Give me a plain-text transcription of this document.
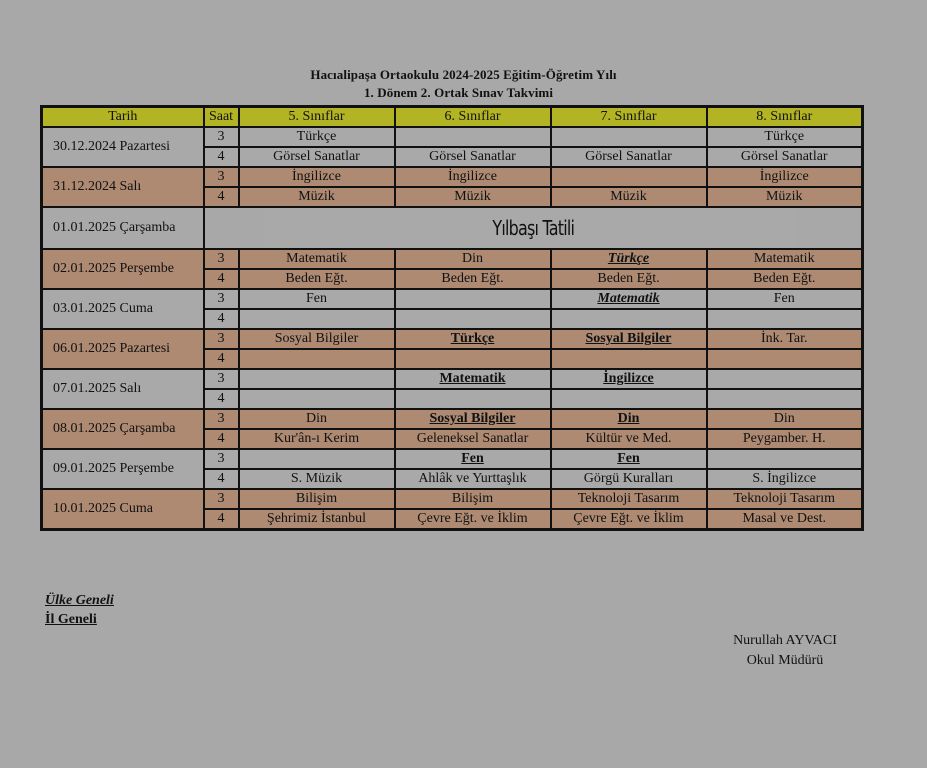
Hacıalipaşa Ortaokulu 2024-2025 Eğitim-Öğretim Yılı

1. Dönem 2. Ortak Sınav Takvimi
Tarih	Saat	5. Sınıflar	6. Sınıflar	7. Sınıflar	8. Sınıflar
30.12.2024 Pazartesi	3	Türkçe			Türkçe
	4	Görsel Sanatlar	Görsel Sanatlar	Görsel Sanatlar	Görsel Sanatlar
31.12.2024 Salı	3	İngilizce	İngilizce		İngilizce
	4	Müzik	Müzik	Müzik	Müzik
01.01.2025 Çarşamba	Yılbaşı Tatili				
02.01.2025 Perşembe	3	Matematik	Din	Türkçe	Matematik
	4	Beden Eğt.	Beden Eğt.	Beden Eğt.	Beden Eğt.
03.01.2025 Cuma	3	Fen		Matematik	Fen
	4				
06.01.2025 Pazartesi	3	Sosyal Bilgiler	Türkçe	Sosyal Bilgiler	İnk. Tar.
	4				
07.01.2025 Salı	3		Matematik	İngilizce	
	4				
08.01.2025 Çarşamba	3	Din	Sosyal Bilgiler	Din	Din
	4	Kur'ân-ı Kerim	Geleneksel Sanatlar	Kültür ve Med.	Peygamber. H.
09.01.2025 Perşembe	3		Fen	Fen	
	4	S. Müzik	Ahlâk ve Yurttaşlık	Görgü Kuralları	S. İngilizce
10.01.2025 Cuma	3	Bilişim	Bilişim	Teknoloji Tasarım	Teknoloji Tasarım
	4	Şehrimiz İstanbul	Çevre Eğt. ve İklim	Çevre Eğt. ve İklim	Masal ve Dest.
Ülke Geneli
İl Geneli
Nurullah AYVACI
Okul Müdürü
